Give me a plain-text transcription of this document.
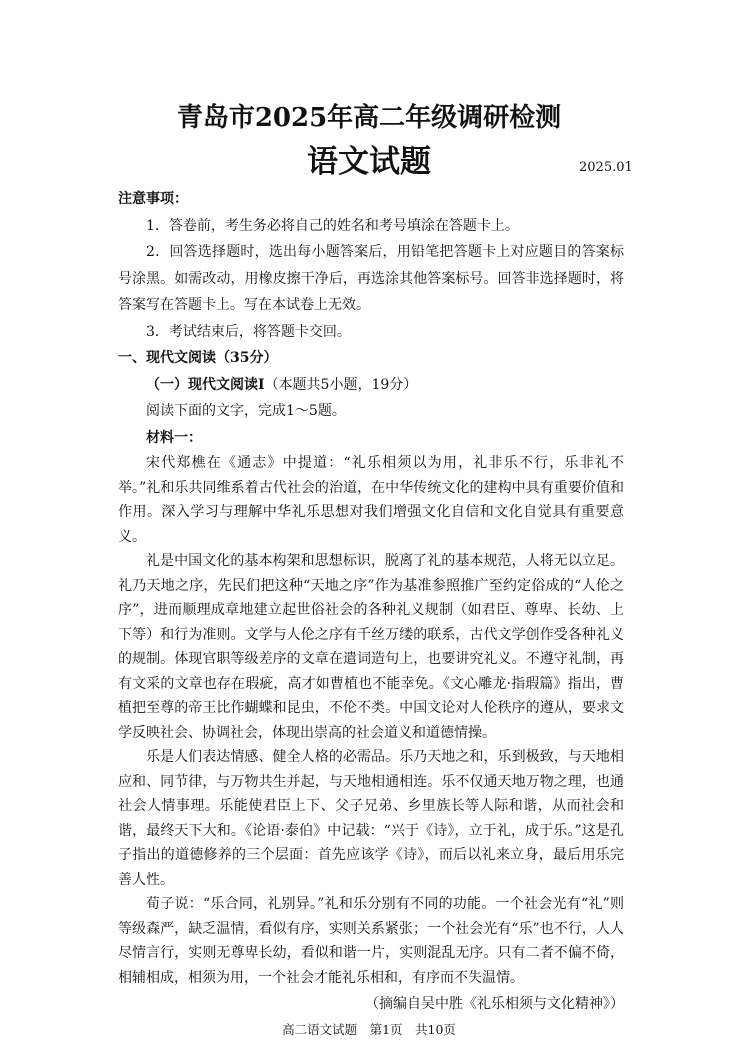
青岛市2025年高二年级调研检测
语文试题	2025.01

注意事项：

1．答卷前，考生务必将自己的姓名和考号填涂在答题卡上。

2．回答选择题时，选出每小题答案后，用铅笔把答题卡上对应题目的答案标号涂黑。如需改动，用橡皮擦干净后，再选涂其他答案标号。回答非选择题时，将答案写在答题卡上。写在本试卷上无效。

3．考试结束后，将答题卡交回。

一、现代文阅读（35分）

（一）现代文阅读Ⅰ（本题共5小题，19分）

阅读下面的文字，完成1～5题。

材料一：

宋代郑樵在《通志》中提道：“礼乐相须以为用，礼非乐不行，乐非礼不举。”礼和乐共同维系着古代社会的治道，在中华传统文化的建构中具有重要价值和作用。深入学习与理解中华礼乐思想对我们增强文化自信和文化自觉具有重要意义。

礼是中国文化的基本构架和思想标识，脱离了礼的基本规范，人将无以立足。礼乃天地之序，先民们把这种“天地之序”作为基准参照推广至约定俗成的“人伦之序”，进而顺理成章地建立起世俗社会的各种礼义规制（如君臣、尊卑、长幼、上下等）和行为准则。文学与人伦之序有千丝万缕的联系，古代文学创作受各种礼义的规制。体现官职等级差序的文章在遣词造句上，也要讲究礼义。不遵守礼制，再有文采的文章也存在瑕疵，高才如曹植也不能幸免。《文心雕龙·指瑕篇》指出，曹植把至尊的帝王比作蝴蝶和昆虫，不伦不类。中国文论对人伦秩序的遵从，要求文学反映社会、协调社会，体现出崇高的社会道义和道德情操。

乐是人们表达情感、健全人格的必需品。乐乃天地之和，乐到极致，与天地相应和、同节律，与万物共生并起，与天地相通相连。乐不仅通天地万物之理，也通社会人情事理。乐能使君臣上下、父子兄弟、乡里族长等人际和谐，从而社会和谐，最终天下大和。《论语·泰伯》中记载：“兴于《诗》，立于礼，成于乐。”这是孔子指出的道德修养的三个层面：首先应该学《诗》，而后以礼来立身，最后用乐完善人性。

荀子说：“乐合同，礼别异。”礼和乐分别有不同的功能。一个社会光有“礼”则等级森严，缺乏温情，看似有序，实则关系紧张；一个社会光有“乐”也不行，人人尽情言行，实则无尊卑长幼，看似和谐一片，实则混乱无序。只有二者不偏不倚，相辅相成，相须为用，一个社会才能礼乐相和，有序而不失温情。

（摘编自吴中胜《礼乐相须与文化精神》）
高二语文试题　第1页　共10页
